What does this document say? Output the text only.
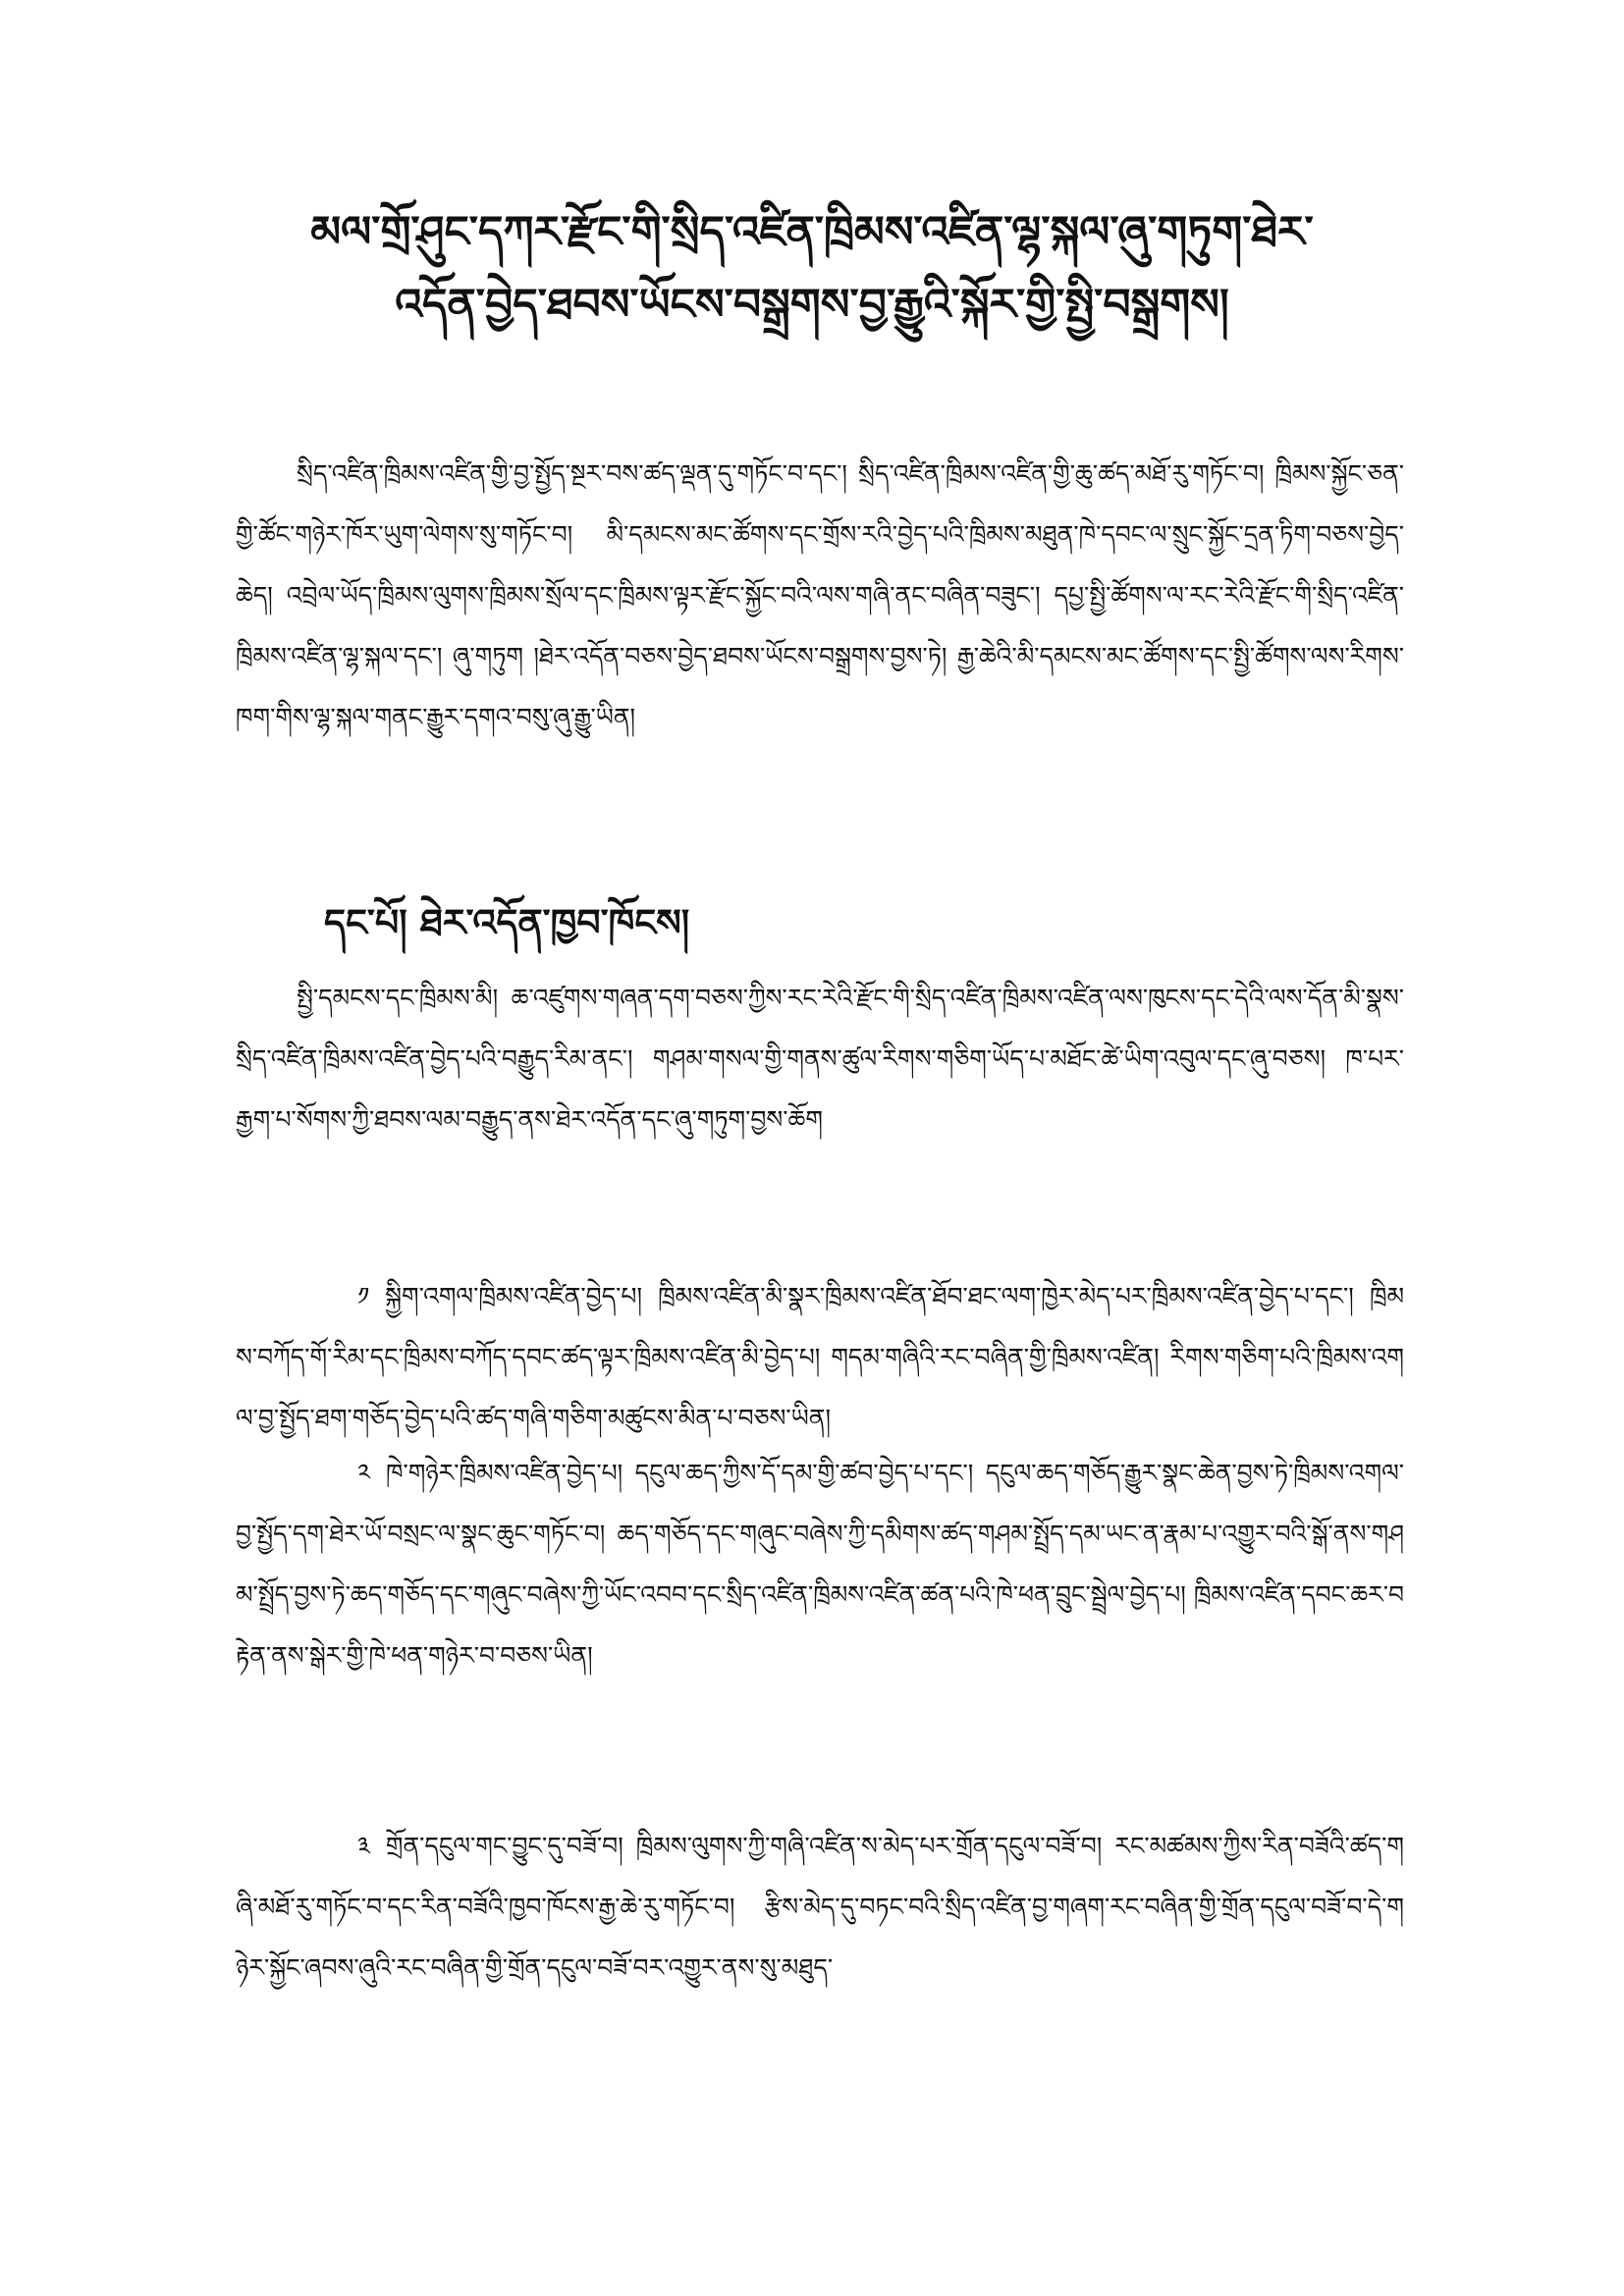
མལ་གྲོ་ཤུང་དཀར་རྫོང་གི་སྲིད་འཛིན་ཁྲིམས་འཛིན་ལྷ་སྐལ་ཞུ་གཏུག་ཐེར་
འདོན་བྱེད་ཐབས་ཡོངས་བསྒྲགས་བྱ་རྒྱུའི་སྐོར་གྱི་སྤྱི་བསྒྲགས།

སྲིད་འཛིན་ཁྲིམས་འཛིན་གྱི་བྱ་སྤྱོད་སྔར་བས་ཚད་ལྡན་དུ་གཏོང་བ་དང་། སྲིད་འཛིན་ཁྲིམས་འཛིན་གྱི་ཆུ་ཚད་མཐོ་རུ་གཏོང་བ། ཁྲིམས་སྐྱོང་ཅན་གྱི་ཚོང་གཉེར་ཁོར་ཡུག་ལེགས་སུ་གཏོང་བ། མི་དམངས་མང་ཚོགས་དང་གྲོས་རའི་བྱེད་པའི་ཁྲིམས་མཐུན་ཁེ་དབང་ལ་སྲུང་སྐྱོང་དྲན་ཏིག་བཅས་བྱེད་ཆེད། འབྲེལ་ཡོད་ཁྲིམས་ལུགས་ཁྲིམས་སྲོལ་དང་ཁྲིམས་ལྟར་རྫོང་སྐྱོང་བའི་ལས་གཞི་ནང་བཞིན་བཟུང་། དཔྱ་སྤྱི་ཚོགས་ལ་རང་རེའི་རྫོང་གི་སྲིད་འཛིན་ཁྲིམས་འཛིན་ལྷ་སྐལ་དང་། ཞུ་གཏུག །ཐེར་འདོན་བཅས་བྱེད་ཐབས་ཡོངས་བསྒྲགས་བྱས་ཏེ། རྒྱ་ཆེའི་མི་དམངས་མང་ཚོགས་དང་སྤྱི་ཚོགས་ལས་རིགས་ཁག་གིས་ལྷ་སྐལ་གནང་རྒྱུར་དགའ་བསུ་ཞུ་རྒྱུ་ཡིན།

དང་པོ། ཐེར་འདོན་ཁྱབ་ཁོངས།

སྤྱི་དམངས་དང་ཁྲིམས་མི། ཆ་འཛུགས་གཞན་དག་བཅས་ཀྱིས་རང་རེའི་རྫོང་གི་སྲིད་འཛིན་ཁྲིམས་འཛིན་ལས་ཁུངས་དང་དེའི་ལས་དོན་མི་སྣས་སྲིད་འཛིན་ཁྲིམས་འཛིན་བྱེད་པའི་བརྒྱུད་རིམ་ནང་། གཤམ་གསལ་གྱི་གནས་ཚུལ་རིགས་གཅིག་ཡོད་པ་མཐོང་ཚེ་ཡིག་འབུལ་དང་ཞུ་བཅས། ཁ་པར་རྒྱག་པ་སོགས་ཀྱི་ཐབས་ལམ་བརྒྱུད་ནས་ཐེར་འདོན་དང་ཞུ་གཏུག་བྱས་ཆོག

༡ སྐྱིག་འགལ་ཁྲིམས་འཛིན་བྱེད་པ། ཁྲིམས་འཛིན་མི་སྣར་ཁྲིམས་འཛིན་ཐོབ་ཐང་ལག་ཁྱེར་མེད་པར་ཁྲིམས་འཛིན་བྱེད་པ་དང་། ཁྲིམས་བཀོད་གོ་རིམ་དང་ཁྲིམས་བཀོད་དབང་ཚད་ལྟར་ཁྲིམས་འཛིན་མི་བྱེད་པ། གདམ་གཞིའི་རང་བཞིན་གྱི་ཁྲིམས་འཛིན། རིགས་གཅིག་པའི་ཁྲིམས་འགལ་བྱ་སྤྱོད་ཐག་གཅོད་བྱེད་པའི་ཚད་གཞི་གཅིག་མཚུངས་མིན་པ་བཅས་ཡིན།

༢ ཁེ་གཉེར་ཁྲིམས་འཛིན་བྱེད་པ། དངུལ་ཆད་ཀྱིས་དོ་དམ་གྱི་ཚབ་བྱེད་པ་དང་། དངུལ་ཆད་གཅོད་རྒྱུར་སྣང་ཆེན་བྱས་ཏེ་ཁྲིམས་འགལ་བྱ་སྤྱོད་དག་ཐེར་ཡོ་བསྲང་ལ་སྣང་ཆུང་གཏོང་བ། ཆད་གཅོད་དང་གཞུང་བཞེས་ཀྱི་དམིགས་ཚད་གཤམ་སྤྲོད་དམ་ཡང་ན་རྣམ་པ་འགྱུར་བའི་སྒོ་ནས་གཤམ་སྤྲོད་བྱས་ཏེ་ཆད་གཅོད་དང་གཞུང་བཞེས་ཀྱི་ཡོང་འབབ་དང་སྲིད་འཛིན་ཁྲིམས་འཛིན་ཚན་པའི་ཁེ་ཕན་བྲུང་སྦྲེལ་བྱེད་པ། ཁྲིམས་འཛིན་དབང་ཆར་བརྟེན་ནས་སྒེར་གྱི་ཁེ་ཕན་གཉེར་བ་བཅས་ཡིན།

༣ གྲོན་དངུལ་གང་བྱུང་དུ་བཟོ་བ། ཁྲིམས་ལུགས་ཀྱི་གཞི་འཛིན་ས་མེད་པར་གྲོན་དངུལ་བཟོ་བ། རང་མཚམས་ཀྱིས་རིན་བཟོའི་ཚད་གཞི་མཐོ་རུ་གཏོང་བ་དང་རིན་བཟོའི་ཁྱབ་ཁོངས་རྒྱ་ཆེ་རུ་གཏོང་བ། རྩིས་མེད་དུ་བཏང་བའི་སྲིད་འཛིན་བྱ་གཞག་རང་བཞིན་གྱི་གྲོན་དངུལ་བཟོ་བ་དེ་གཉེར་སྐྱོང་ཞབས་ཞུའི་རང་བཞིན་གྱི་གྲོན་དངུལ་བཟོ་བར་འགྱུར་ནས་སུ་མཐུད་
